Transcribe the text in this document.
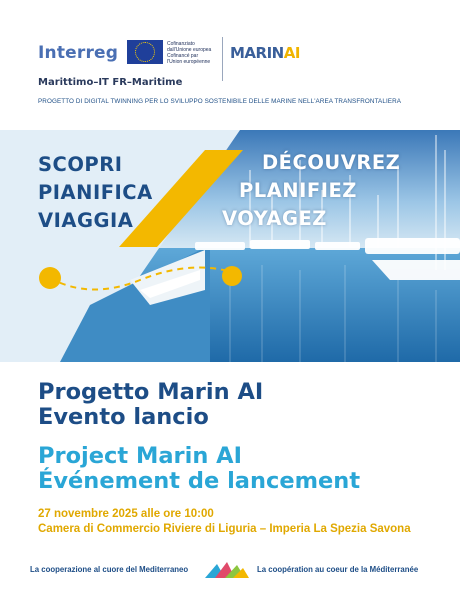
Interreg	Cofinanziato
dall'Unione europea
Cofinancé par
l'Union européenne	MARINAI
Marittimo–IT FR–Maritime
PROGETTO DI DIGITAL TWINNING PER LO SVILUPPO SOSTENIBILE DELLE MARINE NELL'AREA TRANSFRONTALIERA
SCOPRI
PIANIFICA
VIAGGIA
DÉCOUVREZ
PLANIFIEZ
VOYAGEZ
Progetto Marin AI
Evento lancio
Project Marin AI
Événement de lancement
27 novembre 2025 alle ore 10:00
Camera di Commercio Riviere di Liguria – Imperia La Spezia Savona
La cooperazione al cuore del Mediterraneo	La coopération au coeur de la Méditerranée
